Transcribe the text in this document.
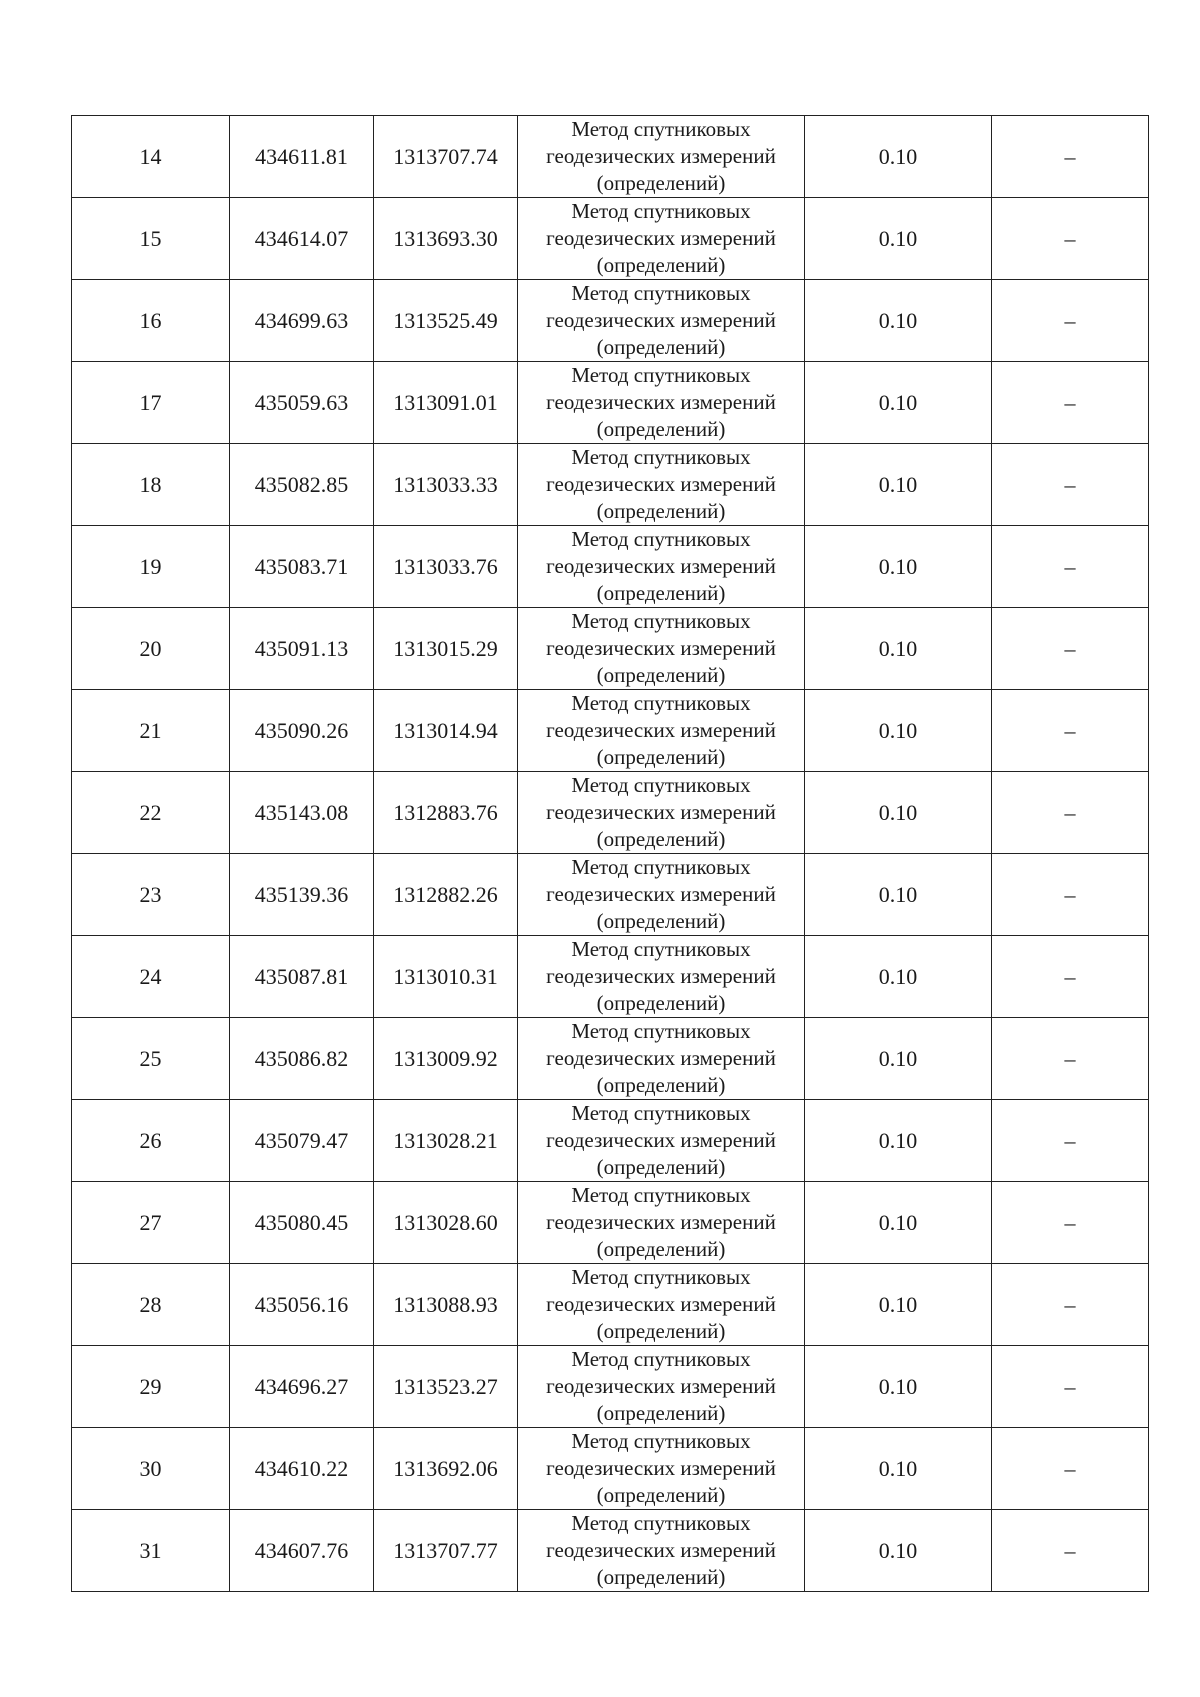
14	434611.81	1313707.74	Метод спутниковых геодезических измерений (определений)	0.10	–
15	434614.07	1313693.30	Метод спутниковых геодезических измерений (определений)	0.10	–
16	434699.63	1313525.49	Метод спутниковых геодезических измерений (определений)	0.10	–
17	435059.63	1313091.01	Метод спутниковых геодезических измерений (определений)	0.10	–
18	435082.85	1313033.33	Метод спутниковых геодезических измерений (определений)	0.10	–
19	435083.71	1313033.76	Метод спутниковых геодезических измерений (определений)	0.10	–
20	435091.13	1313015.29	Метод спутниковых геодезических измерений (определений)	0.10	–
21	435090.26	1313014.94	Метод спутниковых геодезических измерений (определений)	0.10	–
22	435143.08	1312883.76	Метод спутниковых геодезических измерений (определений)	0.10	–
23	435139.36	1312882.26	Метод спутниковых геодезических измерений (определений)	0.10	–
24	435087.81	1313010.31	Метод спутниковых геодезических измерений (определений)	0.10	–
25	435086.82	1313009.92	Метод спутниковых геодезических измерений (определений)	0.10	–
26	435079.47	1313028.21	Метод спутниковых геодезических измерений (определений)	0.10	–
27	435080.45	1313028.60	Метод спутниковых геодезических измерений (определений)	0.10	–
28	435056.16	1313088.93	Метод спутниковых геодезических измерений (определений)	0.10	–
29	434696.27	1313523.27	Метод спутниковых геодезических измерений (определений)	0.10	–
30	434610.22	1313692.06	Метод спутниковых геодезических измерений (определений)	0.10	–
31	434607.76	1313707.77	Метод спутниковых геодезических измерений (определений)	0.10	–
